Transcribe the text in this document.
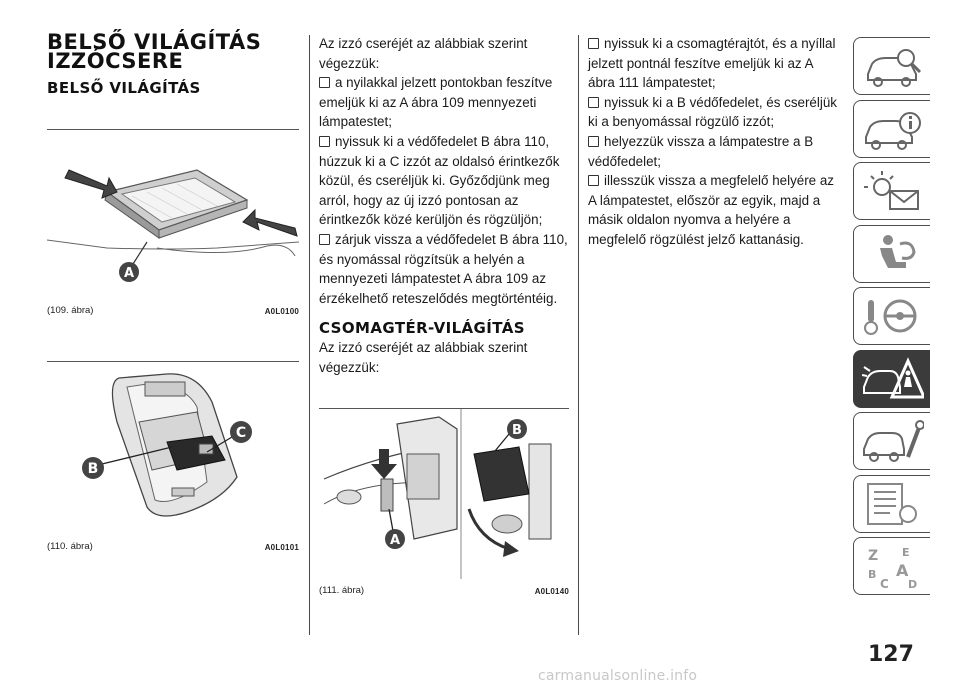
BELSŐ VILÁGÍTÁS
IZZÓCSERE
BELSŐ VILÁGÍTÁS
A
(109. ábra)	A0L0100
B
C
(110. ábra)	A0L0101

Az izzó cseréjét az alábbiak szerint végezzük:

a nyilakkal jelzett pontokban feszítve emeljük ki az A ábra 109 mennyezeti lámpatestet;

nyissuk ki a védőfedelet B ábra 110, húzzuk ki a C izzót az oldalsó érintkezők közül, és cseréljük ki. Győződjünk meg arról, hogy az új izzó pontosan az érintkezők közé kerüljön és rögzüljön;

zárjuk vissza a védőfedelet B ábra 110, és nyomással rögzítsük a helyén a mennyezeti lámpatestet A ábra 109 az érzékelhető reteszelődés megtörténtéig.

CSOMAGTÉR-VILÁGÍTÁS

Az izzó cseréjét az alábbiak szerint végezzük:

A
B
(111. ábra)	A0L0140

nyissuk ki a csomagtérajtót, és a nyíllal jelzett pontnál feszítve emeljük ki az A ábra 111 lámpatestet;

nyissuk ki a B védőfedelet, és cseréljük ki a benyomással rögzülő izzót;

helyezzük vissza a lámpatestre a B védőfedelet;

illesszük vissza a megfelelő helyére az A lámpatestet, először az egyik, majd a másik oldalon nyomva a helyére a megfelelő rögzülést jelző kattanásig.

Z E
B A
C D
127
carmanualsonline.info
